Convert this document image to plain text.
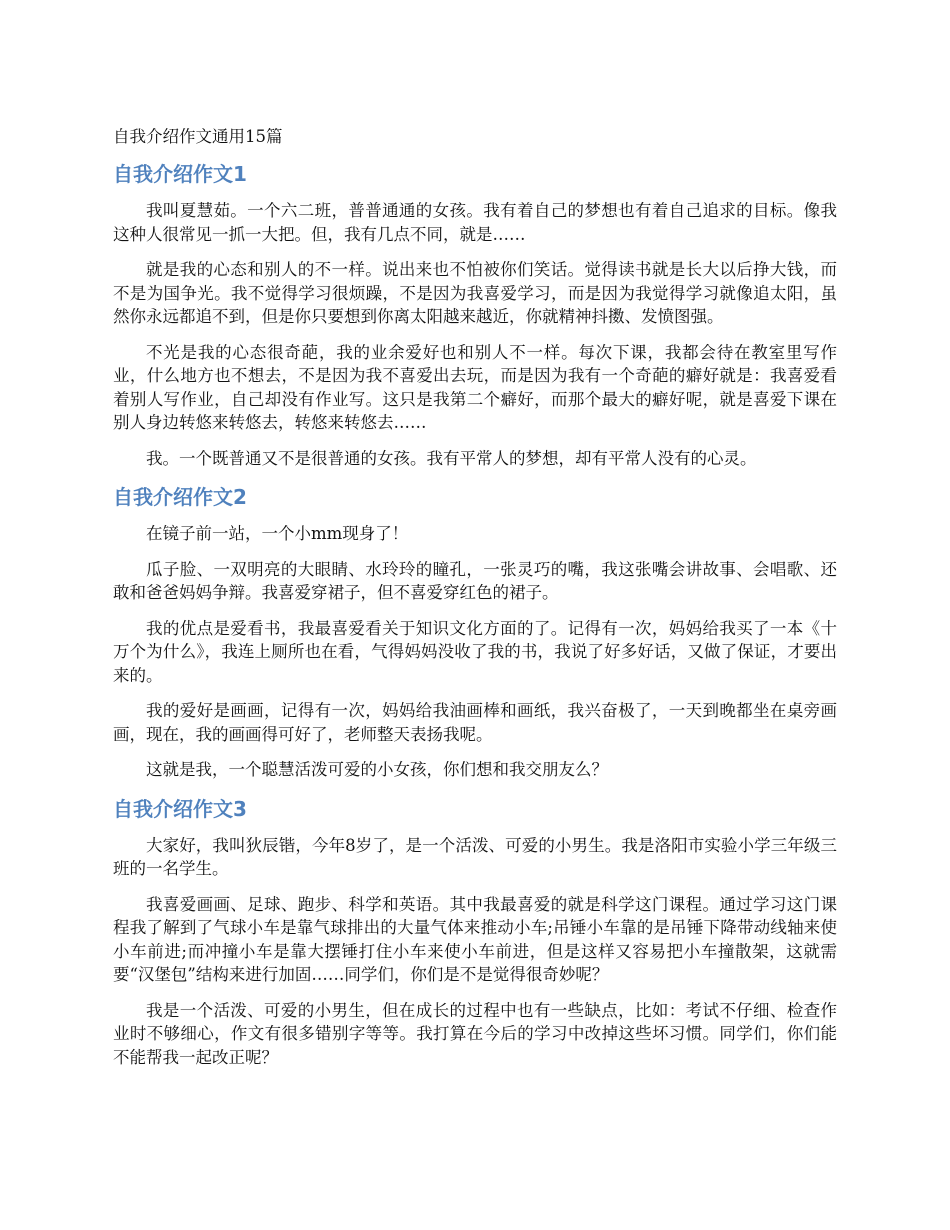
自我介绍作文通用15篇
自我介绍作文1

我叫夏慧茹。一个六二班，普普通通的女孩。我有着自己的梦想也有着自己追求的目标。像我这种人很常见一抓一大把。但，我有几点不同，就是……

就是我的心态和别人的不一样。说出来也不怕被你们笑话。觉得读书就是长大以后挣大钱，而不是为国争光。我不觉得学习很烦躁，不是因为我喜爱学习，而是因为我觉得学习就像追太阳，虽然你永远都追不到，但是你只要想到你离太阳越来越近，你就精神抖擞、发愤图强。

不光是我的心态很奇葩，我的业余爱好也和别人不一样。每次下课，我都会待在教室里写作业，什么地方也不想去，不是因为我不喜爱出去玩，而是因为我有一个奇葩的癖好就是：我喜爱看着别人写作业，自己却没有作业写。这只是我第二个癖好，而那个最大的癖好呢，就是喜爱下课在别人身边转悠来转悠去，转悠来转悠去……

我。一个既普通又不是很普通的女孩。我有平常人的梦想，却有平常人没有的心灵。

自我介绍作文2

在镜子前一站，一个小mm现身了！

瓜子脸、一双明亮的大眼睛、水玲玲的瞳孔，一张灵巧的嘴，我这张嘴会讲故事、会唱歌、还敢和爸爸妈妈争辩。我喜爱穿裙子，但不喜爱穿红色的裙子。

我的优点是爱看书，我最喜爱看关于知识文化方面的了。记得有一次，妈妈给我买了一本《十万个为什么》，我连上厕所也在看，气得妈妈没收了我的书，我说了好多好话，又做了保证，才要出来的。

我的爱好是画画，记得有一次，妈妈给我油画棒和画纸，我兴奋极了，一天到晚都坐在桌旁画画，现在，我的画画得可好了，老师整天表扬我呢。

这就是我，一个聪慧活泼可爱的小女孩，你们想和我交朋友么？

自我介绍作文3

大家好，我叫狄辰锴，今年8岁了，是一个活泼、可爱的小男生。我是洛阳市实验小学三年级三班的一名学生。

我喜爱画画、足球、跑步、科学和英语。其中我最喜爱的就是科学这门课程。通过学习这门课程我了解到了气球小车是靠气球排出的大量气体来推动小车;吊锤小车靠的是吊锤下降带动线轴来使小车前进;而冲撞小车是靠大摆锤打住小车来使小车前进，但是这样又容易把小车撞散架，这就需要“汉堡包”结构来进行加固……同学们，你们是不是觉得很奇妙呢？

我是一个活泼、可爱的小男生，但在成长的过程中也有一些缺点，比如：考试不仔细、检查作业时不够细心，作文有很多错别字等等。我打算在今后的学习中改掉这些坏习惯。同学们，你们能不能帮我一起改正呢？
